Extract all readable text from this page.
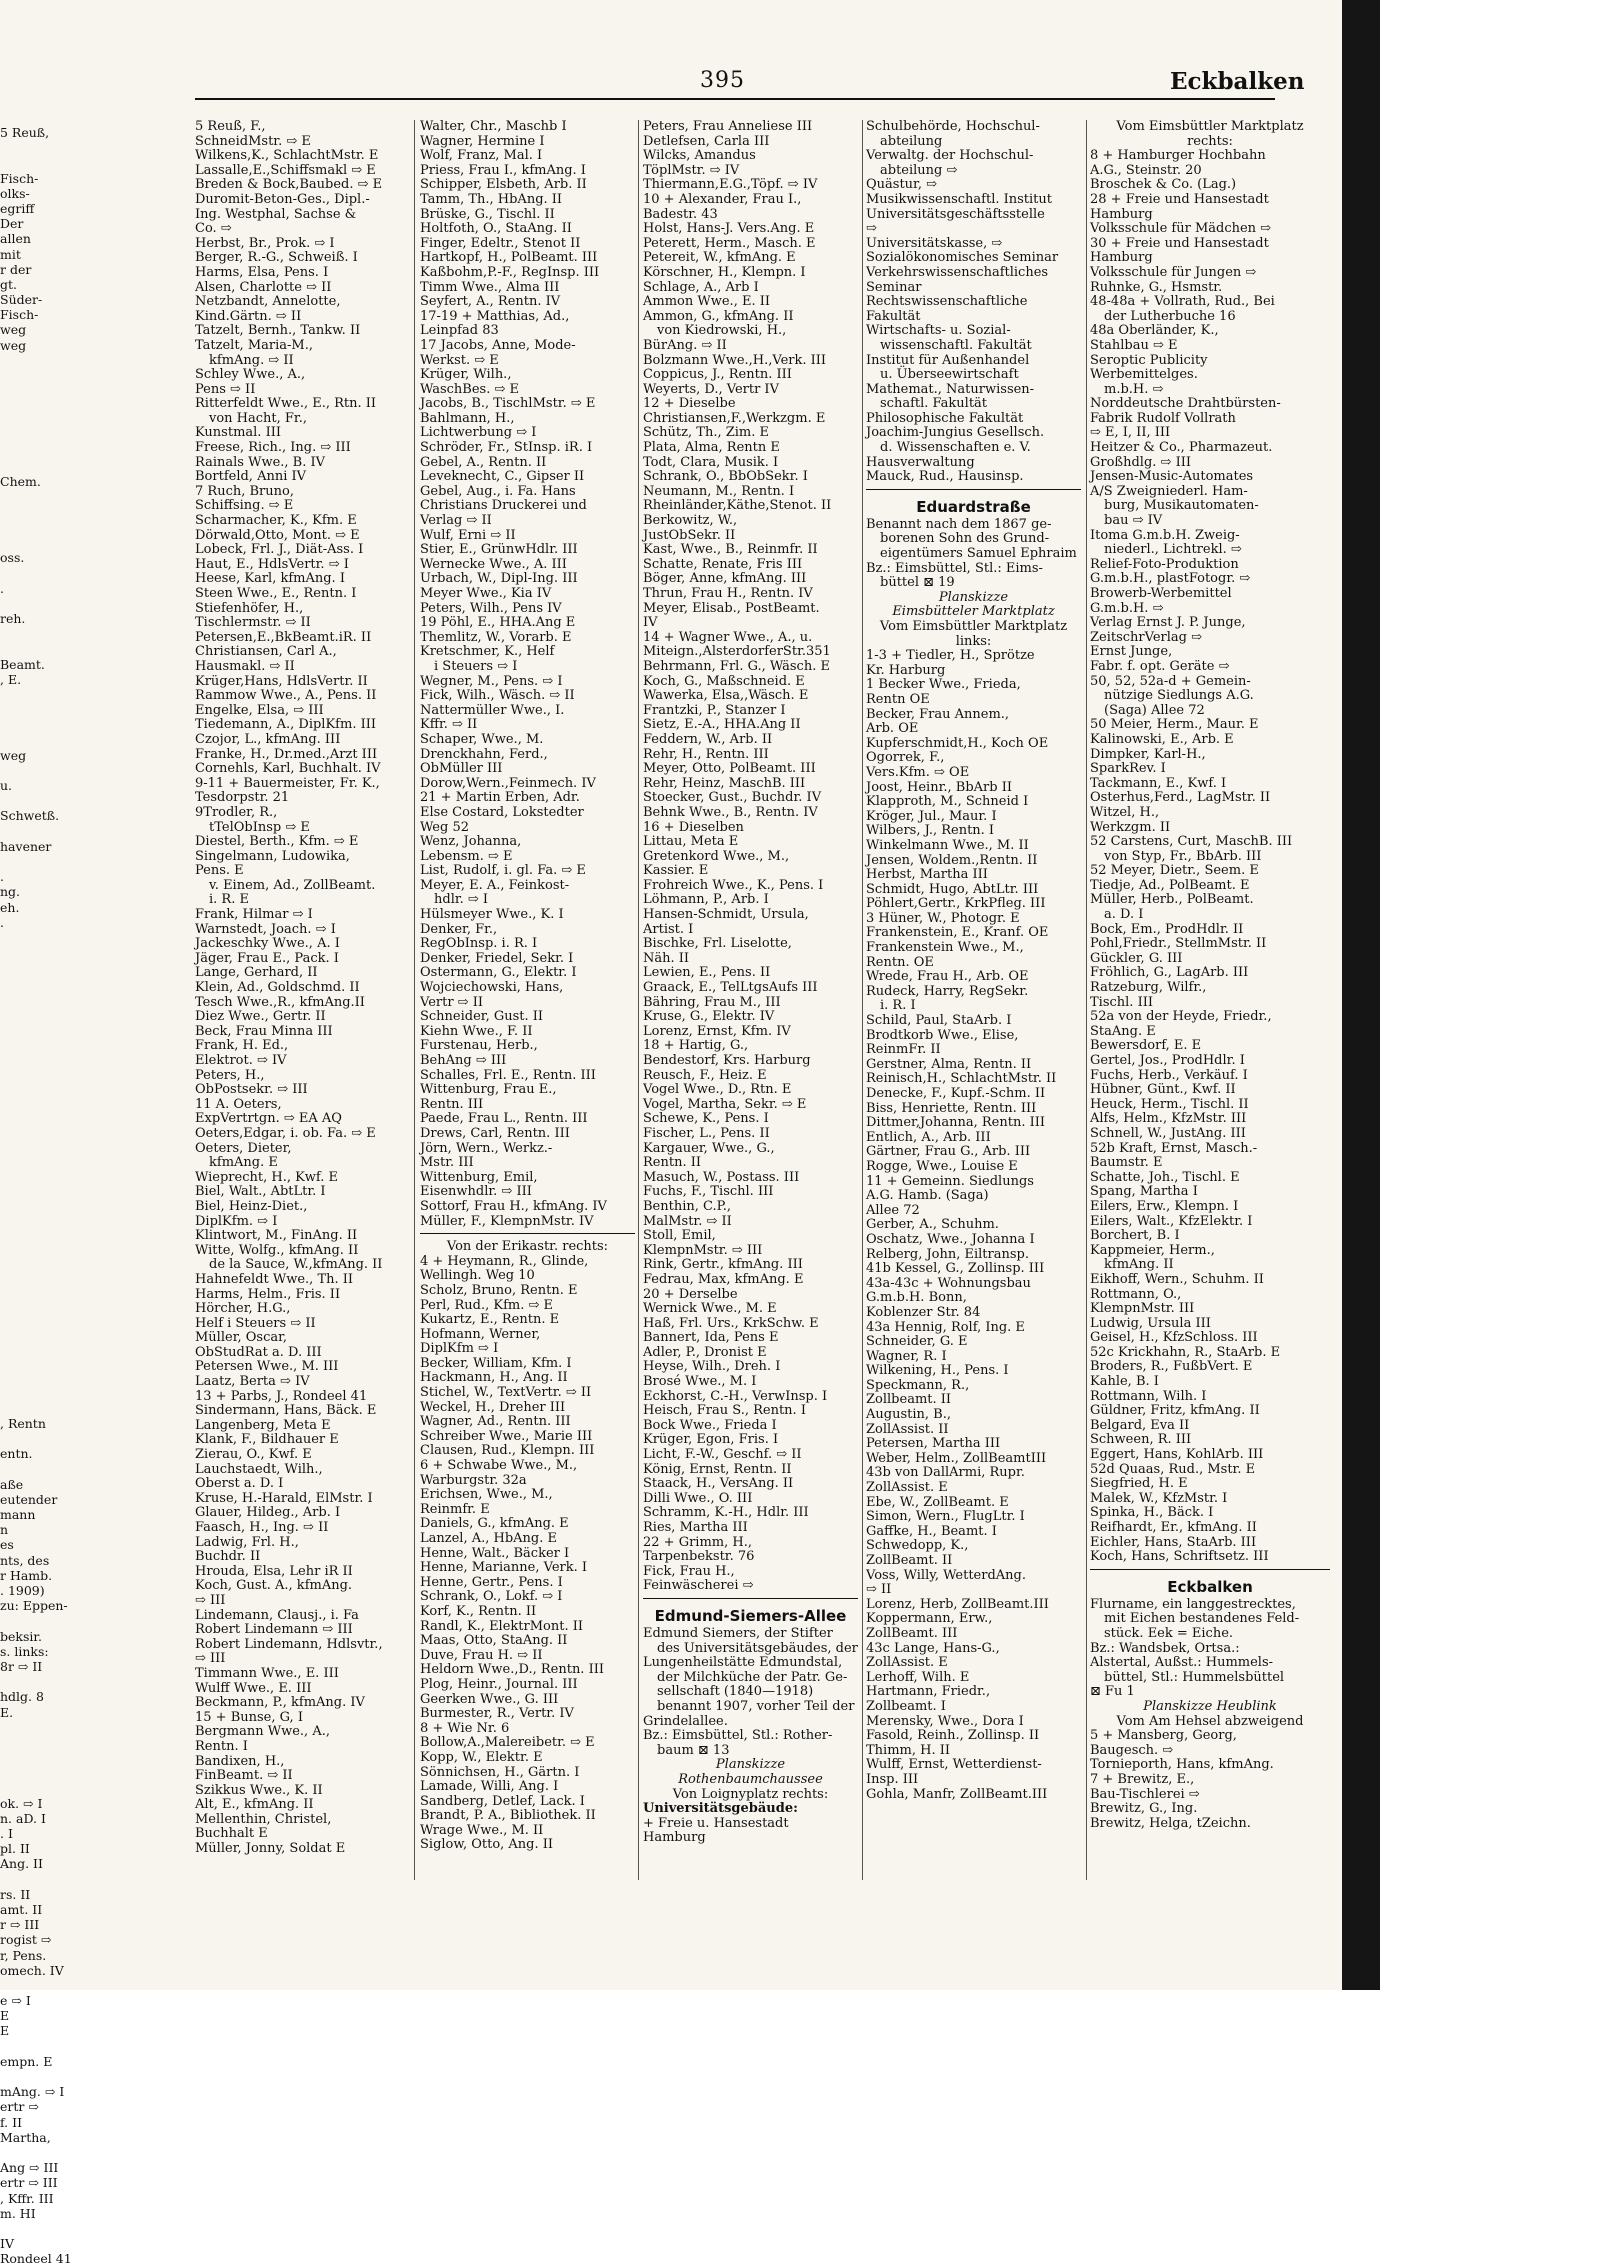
5 Reuß,
Fisch-
olks-
egriff
Der
allen
mit
r der
gt.
Süder-
Fisch-
weg
weg
Chem.
oss.
.
reh.
Beamt.
, E.
weg
u.
Schwetß.
havener
.
ng.
eh.
.
, Rentn
entn.
aße
eutender
mann
n
es
nts, des
r Hamb.
. 1909)
zu: Eppen-
beksir.
s. links:
8r ⇨ II
hdlg. 8
E.
ok. ⇨ I
n. aD. I
. I
pl. II
Ang. II
rs. II
amt. II
r ⇨ III
rogist ⇨
r, Pens.
omech. IV
e ⇨ I
E
E
empn. E
mAng. ⇨ I
ertr ⇨
f. II
Martha,
Ang ⇨ III
ertr ⇨ III
, Kffr. III
m. HI
IV
Rondeel 41
395	Eckbalken
5 Reuß, F.,
SchneidMstr. ⇨ E
Wilkens,K., SchlachtMstr. E
Lassalle,E.,Schiffsmakl ⇨ E
Breden & Bock,Baubed. ⇨ E
Duromit-Beton-Ges., Dipl.-
Ing. Westphal, Sachse &
Co. ⇨
Herbst, Br., Prok. ⇨ I
Berger, R.-G., Schweiß. I
Harms, Elsa, Pens. I
Alsen, Charlotte ⇨ II
Netzbandt, Annelotte,
Kind.Gärtn. ⇨ II
Tatzelt, Bernh., Tankw. II
Tatzelt, Maria-M.,
kfmAng. ⇨ II
Schley Wwe., A.,
Pens ⇨ II
Ritterfeldt Wwe., E., Rtn. II
von Hacht, Fr.,
Kunstmal. III
Freese, Rich., Ing. ⇨ III
Rainals Wwe., B. IV
Bortfeld, Anni IV
7 Ruch, Bruno,
Schiffsing. ⇨ E
Scharmacher, K., Kfm. E
Dörwald,Otto, Mont. ⇨ E
Lobeck, Frl. J., Diät-Ass. I
Haut, E., HdlsVertr. ⇨ I
Heese, Karl, kfmAng. I
Steen Wwe., E., Rentn. I
Stiefenhöfer, H.,
Tischlermstr. ⇨ II
Petersen,E.,BkBeamt.iR. II
Christiansen, Carl A.,
Hausmakl. ⇨ II
Krüger,Hans, HdlsVertr. II
Rammow Wwe., A., Pens. II
Engelke, Elsa, ⇨ III
Tiedemann, A., DiplKfm. III
Czojor, L., kfmAng. III
Franke, H., Dr.med.,Arzt III
Cornehls, Karl, Buchhalt. IV
9-11 + Bauermeister, Fr. K.,
Tesdorpstr. 21
9Trodler, R.,
tTelObInsp ⇨ E
Diestel, Berth., Kfm. ⇨ E
Singelmann, Ludowika,
Pens. E
v. Einem, Ad., ZollBeamt.
i. R. E
Frank, Hilmar ⇨ I
Warnstedt, Joach. ⇨ I
Jackeschky Wwe., A. I
Jäger, Frau E., Pack. I
Lange, Gerhard, II
Klein, Ad., Goldschmd. II
Tesch Wwe.,R., kfmAng.II
Diez Wwe., Gertr. II
Beck, Frau Minna III
Frank, H. Ed.,
Elektrot. ⇨ IV
Peters, H.,
ObPostsekr. ⇨ III
11 A. Oeters,
ExpVertrtgn. ⇨ EA AQ
Oeters,Edgar, i. ob. Fa. ⇨ E
Oeters, Dieter,
kfmAng. E
Wieprecht, H., Kwf. E
Biel, Walt., AbtLtr. I
Biel, Heinz-Diet.,
DiplKfm. ⇨ I
Klintwort, M., FinAng. II
Witte, Wolfg., kfmAng. II
de la Sauce, W.,kfmAng. II
Hahnefeldt Wwe., Th. II
Harms, Helm., Fris. II
Hörcher, H.G.,
Helf i Steuers ⇨ II
Müller, Oscar,
ObStudRat a. D. III
Petersen Wwe., M. III
Laatz, Berta ⇨ IV
13 + Parbs, J., Rondeel 41
Sindermann, Hans, Bäck. E
Langenberg, Meta E
Klank, F., Bildhauer E
Zierau, O., Kwf. E
Lauchstaedt, Wilh.,
Oberst a. D. I
Kruse, H.-Harald, ElMstr. I
Glauer, Hildeg., Arb. I
Faasch, H., Ing. ⇨ II
Ladwig, Frl. H.,
Buchdr. II
Hrouda, Elsa, Lehr iR II
Koch, Gust. A., kfmAng.
⇨ III
Lindemann, Clausj., i. Fa
Robert Lindemann ⇨ III
Robert Lindemann, Hdlsvtr.,
⇨ III
Timmann Wwe., E. III
Wulff Wwe., E. III
Beckmann, P., kfmAng. IV
15 + Bunse, G, I
Bergmann Wwe., A.,
Rentn. I
Bandixen, H.,
FinBeamt. ⇨ II
Szikkus Wwe., K. II
Alt, E., kfmAng. II
Mellenthin, Christel,
Buchhalt E
Müller, Jonny, Soldat E
Walter, Chr., Maschb I
Wagner, Hermine I
Wolf, Franz, Mal. I
Priess, Frau I., kfmAng. I
Schipper, Elsbeth, Arb. II
Tamm, Th., HbAng. II
Brüske, G., Tischl. II
Holtfoth, O., StaAng. II
Finger, Edeltr., Stenot II
Hartkopf, H., PolBeamt. III
Kaßbohm,P.-F., RegInsp. III
Timm Wwe., Alma III
Seyfert, A., Rentn. IV
17-19 + Matthias, Ad.,
Leinpfad 83
17 Jacobs, Anne, Mode-
Werkst. ⇨ E
Krüger, Wilh.,
WaschBes. ⇨ E
Jacobs, B., TischlMstr. ⇨ E
Bahlmann, H.,
Lichtwerbung ⇨ I
Schröder, Fr., StInsp. iR. I
Gebel, A., Rentn. II
Leveknecht, C., Gipser II
Gebel, Aug., i. Fa. Hans
Christians Druckerei und
Verlag ⇨ II
Wulf, Erni ⇨ II
Stier, E., GrünwHdlr. III
Wernecke Wwe., A. III
Urbach, W., Dipl-Ing. III
Meyer Wwe., Kia IV
Peters, Wilh., Pens IV
19 Pöhl, E., HHA.Ang E
Themlitz, W., Vorarb. E
Kretschmer, K., Helf
i Steuers ⇨ I
Wegner, M., Pens. ⇨ I
Fick, Wilh., Wäsch. ⇨ II
Nattermüller Wwe., I.
Kffr. ⇨ II
Schaper, Wwe., M.
Drenckhahn, Ferd.,
ObMüller III
Dorow,Wern.,Feinmech. IV
21 + Martin Erben, Adr.
Else Costard, Lokstedter
Weg 52
Wenz, Johanna,
Lebensm. ⇨ E
List, Rudolf, i. gl. Fa. ⇨ E
Meyer, E. A., Feinkost-
hdlr. ⇨ I
Hülsmeyer Wwe., K. I
Denker, Fr.,
RegObInsp. i. R. I
Denker, Friedel, Sekr. I
Ostermann, G., Elektr. I
Wojciechowski, Hans,
Vertr ⇨ II
Schneider, Gust. II
Kiehn Wwe., F. II
Furstenau, Herb.,
BehAng ⇨ III
Schalles, Frl. E., Rentn. III
Wittenburg, Frau E.,
Rentn. III
Paede, Frau L., Rentn. III
Drews, Carl, Rentn. III
Jörn, Wern., Werkz.-
Mstr. III
Wittenburg, Emil,
Eisenwhdlr. ⇨ III
Sottorf, Frau H., kfmAng. IV
Müller, F., KlempnMstr. IV
Von der Erikastr. rechts:
4 + Heymann, R., Glinde,
Wellingh. Weg 10
Scholz, Bruno, Rentn. E
Perl, Rud., Kfm. ⇨ E
Kukartz, E., Rentn. E
Hofmann, Werner,
DiplKfm ⇨ I
Becker, William, Kfm. I
Hackmann, H., Ang. II
Stichel, W., TextVertr. ⇨ II
Weckel, H., Dreher III
Wagner, Ad., Rentn. III
Schreiber Wwe., Marie III
Clausen, Rud., Klempn. III
6 + Schwabe Wwe., M.,
Warburgstr. 32a
Erichsen, Wwe., M.,
Reinmfr. E
Daniels, G., kfmAng. E
Lanzel, A., HbAng. E
Henne, Walt., Bäcker I
Henne, Marianne, Verk. I
Henne, Gertr., Pens. I
Schrank, O., Lokf. ⇨ I
Korf, K., Rentn. II
Randl, K., ElektrMont. II
Maas, Otto, StaAng. II
Duve, Frau H. ⇨ II
Heldorn Wwe.,D., Rentn. III
Plog, Heinr., Journal. III
Geerken Wwe., G. III
Burmester, R., Vertr. IV
8 + Wie Nr. 6
Bollow,A.,Malereibetr. ⇨ E
Kopp, W., Elektr. E
Sönnichsen, H., Gärtn. I
Lamade, Willi, Ang. I
Sandberg, Detlef, Lack. I
Brandt, P. A., Bibliothek. II
Wrage Wwe., M. II
Siglow, Otto, Ang. II
Peters, Frau Anneliese III
Detlefsen, Carla III
Wilcks, Amandus
TöplMstr. ⇨ IV
Thiermann,E.G.,Töpf. ⇨ IV
10 + Alexander, Frau I.,
Badestr. 43
Holst, Hans-J. Vers.Ang. E
Peterett, Herm., Masch. E
Petereit, W., kfmAng. E
Körschner, H., Klempn. I
Schlage, A., Arb I
Ammon Wwe., E. II
Ammon, G., kfmAng. II
von Kiedrowski, H.,
BürAng. ⇨ II
Bolzmann Wwe.,H.,Verk. III
Coppicus, J., Rentn. III
Weyerts, D., Vertr IV
12 + Dieselbe
Christiansen,F.,Werkzgm. E
Schütz, Th., Zim. E
Plata, Alma, Rentn E
Todt, Clara, Musik. I
Schrank, O., BbObSekr. I
Neumann, M., Rentn. I
Rheinländer,Käthe,Stenot. II
Berkowitz, W.,
JustObSekr. II
Kast, Wwe., B., Reinmfr. II
Schatte, Renate, Fris III
Böger, Anne, kfmAng. III
Thrun, Frau H., Rentn. IV
Meyer, Elisab., PostBeamt.
IV
14 + Wagner Wwe., A., u.
Miteign.,AlsterdorferStr.351
Behrmann, Frl. G., Wäsch. E
Koch, G., Maßschneid. E
Wawerka, Elsa,,Wäsch. E
Frantzki, P., Stanzer I
Sietz, E.-A., HHA.Ang II
Feddern, W., Arb. II
Rehr, H., Rentn. III
Meyer, Otto, PolBeamt. III
Rehr, Heinz, MaschB. III
Stoecker, Gust., Buchdr. IV
Behnk Wwe., B., Rentn. IV
16 + Dieselben
Littau, Meta E
Gretenkord Wwe., M.,
Kassier. E
Frohreich Wwe., K., Pens. I
Löhmann, P., Arb. I
Hansen-Schmidt, Ursula,
Artist. I
Bischke, Frl. Liselotte,
Näh. II
Lewien, E., Pens. II
Graack, E., TelLtgsAufs III
Bähring, Frau M., III
Kruse, G., Elektr. IV
Lorenz, Ernst, Kfm. IV
18 + Hartig, G.,
Bendestorf, Krs. Harburg
Reusch, F., Heiz. E
Vogel Wwe., D., Rtn. E
Vogel, Martha, Sekr. ⇨ E
Schewe, K., Pens. I
Fischer, L., Pens. II
Kargauer, Wwe., G.,
Rentn. II
Masuch, W., Postass. III
Fuchs, F., Tischl. III
Benthin, C.P.,
MalMstr. ⇨ II
Stoll, Emil,
KlempnMstr. ⇨ III
Rink, Gertr., kfmAng. III
Fedrau, Max, kfmAng. E
20 + Derselbe
Wernick Wwe., M. E
Haß, Frl. Urs., KrkSchw. E
Bannert, Ida, Pens E
Adler, P., Dronist E
Heyse, Wilh., Dreh. I
Brosé Wwe., M. I
Eckhorst, C.-H., VerwInsp. I
Heisch, Frau S., Rentn. I
Bock Wwe., Frieda I
Krüger, Egon, Fris. I
Licht, F.-W., Geschf. ⇨ II
König, Ernst, Rentn. II
Staack, H., VersAng. II
Dilli Wwe., O. III
Schramm, K.-H., Hdlr. III
Ries, Martha III
22 + Grimm, H.,
Tarpenbekstr. 76
Fick, Frau H.,
Feinwäscherei ⇨
Edmund-Siemers-Allee
Edmund Siemers, der Stifter
des Universitätsgebäudes, der
Lungenheilstätte Edmundstal,
der Milchküche der Patr. Ge-
sellschaft (1840—1918)
benannt 1907, vorher Teil der
Grindelallee.
Bz.: Eimsbüttel, Stl.: Rother-
baum ⊠ 13
Planskizze
Rothenbaumchaussee
Von Loignyplatz rechts:
Universitätsgebäude:
+ Freie u. Hansestadt
Hamburg
Schulbehörde, Hochschul-
abteilung
Verwaltg. der Hochschul-
abteilung ⇨
Quästur, ⇨
Musikwissenschaftl. Institut
Universitätsgeschäftsstelle
⇨
Universitätskasse, ⇨
Sozialökonomisches Seminar
Verkehrswissenschaftliches
Seminar
Rechtswissenschaftliche
Fakultät
Wirtschafts- u. Sozial-
wissenschaftl. Fakultät
Institut für Außenhandel
u. Überseewirtschaft
Mathemat., Naturwissen-
schaftl. Fakultät
Philosophische Fakultät
Joachim-Jungius Gesellsch.
d. Wissenschaften e. V.
Hausverwaltung
Mauck, Rud., Hausinsp.
Eduardstraße
Benannt nach dem 1867 ge-
borenen Sohn des Grund-
eigentümers Samuel Ephraim
Bz.: Eimsbüttel, Stl.: Eims-
büttel ⊠ 19
Planskizze
Eimsbütteler Marktplatz
Vom Eimsbüttler Marktplatz
links:
1-3 + Tiedler, H., Sprötze
Kr. Harburg
1 Becker Wwe., Frieda,
Rentn OE
Becker, Frau Annem.,
Arb. OE
Kupferschmidt,H., Koch OE
Ogorrek, F.,
Vers.Kfm. ⇨ OE
Joost, Heinr., BbArb II
Klapproth, M., Schneid I
Kröger, Jul., Maur. I
Wilbers, J., Rentn. I
Winkelmann Wwe., M. II
Jensen, Woldem.,Rentn. II
Herbst, Martha III
Schmidt, Hugo, AbtLtr. III
Pöhlert,Gertr., KrkPfleg. III
3 Hüner, W., Photogr. E
Frankenstein, E., Kranf. OE
Frankenstein Wwe., M.,
Rentn. OE
Wrede, Frau H., Arb. OE
Rudeck, Harry, RegSekr.
i. R. I
Schild, Paul, StaArb. I
Brodtkorb Wwe., Elise,
ReinmFr. II
Gerstner, Alma, Rentn. II
Reinisch,H., SchlachtMstr. II
Denecke, F., Kupf.-Schm. II
Biss, Henriette, Rentn. III
Dittmer,Johanna, Rentn. III
Entlich, A., Arb. III
Gärtner, Frau G., Arb. III
Rogge, Wwe., Louise E
11 + Gemeinn. Siedlungs
A.G. Hamb. (Saga)
Allee 72
Gerber, A., Schuhm.
Oschatz, Wwe., Johanna I
Relberg, John, Eiltransp.
41b Kessel, G., Zollinsp. III
43a-43c + Wohnungsbau
G.m.b.H. Bonn,
Koblenzer Str. 84
43a Hennig, Rolf, Ing. E
Schneider, G. E
Wagner, R. I
Wilkening, H., Pens. I
Speckmann, R.,
Zollbeamt. II
Augustin, B.,
ZollAssist. II
Petersen, Martha III
Weber, Helm., ZollBeamtIII
43b von DallArmi, Rupr.
ZollAssist. E
Ebe, W., ZollBeamt. E
Simon, Wern., FlugLtr. I
Gaffke, H., Beamt. I
Schwedopp, K.,
ZollBeamt. II
Voss, Willy, WetterdAng.
⇨ II
Lorenz, Herb, ZollBeamt.III
Koppermann, Erw.,
ZollBeamt. III
43c Lange, Hans-G.,
ZollAssist. E
Lerhoff, Wilh. E
Hartmann, Friedr.,
Zollbeamt. I
Merensky, Wwe., Dora I
Fasold, Reinh., Zollinsp. II
Thimm, H. II
Wulff, Ernst, Wetterdienst-
Insp. III
Gohla, Manfr, ZollBeamt.III
Vom Eimsbüttler Marktplatz
rechts:
8 + Hamburger Hochbahn
A.G., Steinstr. 20
Broschek & Co. (Lag.)
28 + Freie und Hansestadt
Hamburg
Volksschule für Mädchen ⇨
30 + Freie und Hansestadt
Hamburg
Volksschule für Jungen ⇨
Ruhnke, G., Hsmstr.
48-48a + Vollrath, Rud., Bei
der Lutherbuche 16
48a Oberländer, K.,
Stahlbau ⇨ E
Seroptic Publicity
Werbemittelges.
m.b.H. ⇨
Norddeutsche Drahtbürsten-
Fabrik Rudolf Vollrath
⇨ E, I, II, III
Heitzer & Co., Pharmazeut.
Großhdlg. ⇨ III
Jensen-Music-Automates
A/S Zweigniederl. Ham-
burg, Musikautomaten-
bau ⇨ IV
Itoma G.m.b.H. Zweig-
niederl., Lichtrekl. ⇨
Relief-Foto-Produktion
G.m.b.H., plastFotogr. ⇨
Browerb-Werbemittel
G.m.b.H. ⇨
Verlag Ernst J. P. Junge,
ZeitschrVerlag ⇨
Ernst Junge,
Fabr. f. opt. Geräte ⇨
50, 52, 52a-d + Gemein-
nützige Siedlungs A.G.
(Saga) Allee 72
50 Meier, Herm., Maur. E
Kalinowski, E., Arb. E
Dimpker, Karl-H.,
SparkRev. I
Tackmann, E., Kwf. I
Osterhus,Ferd., LagMstr. II
Witzel, H.,
Werkzgm. II
52 Carstens, Curt, MaschB. III
von Styp, Fr., BbArb. III
52 Meyer, Dietr., Seem. E
Tiedje, Ad., PolBeamt. E
Müller, Herb., PolBeamt.
a. D. I
Bock, Em., ProdHdlr. II
Pohl,Friedr., StellmMstr. II
Gückler, G. III
Fröhlich, G., LagArb. III
Ratzeburg, Wilfr.,
Tischl. III
52a von der Heyde, Friedr.,
StaAng. E
Bewersdorf, E. E
Gertel, Jos., ProdHdlr. I
Fuchs, Herb., Verkäuf. I
Hübner, Günt., Kwf. II
Heuck, Herm., Tischl. II
Alfs, Helm., KfzMstr. III
Schnell, W., JustAng. III
52b Kraft, Ernst, Masch.-
Baumstr. E
Schatte, Joh., Tischl. E
Spang, Martha I
Eilers, Erw., Klempn. I
Eilers, Walt., KfzElektr. I
Borchert, B. I
Kappmeier, Herm.,
kfmAng. II
Eikhoff, Wern., Schuhm. II
Rottmann, O.,
KlempnMstr. III
Ludwig, Ursula III
Geisel, H., KfzSchloss. III
52c Krickhahn, R., StaArb. E
Broders, R., FußbVert. E
Kahle, B. I
Rottmann, Wilh. I
Güldner, Fritz, kfmAng. II
Belgard, Eva II
Schween, R. III
Eggert, Hans, KohlArb. III
52d Quaas, Rud., Mstr. E
Siegfried, H. E
Malek, W., KfzMstr. I
Spinka, H., Bäck. I
Reifhardt, Er., kfmAng. II
Eichler, Hans, StaArb. III
Koch, Hans, Schriftsetz. III
Eckbalken
Flurname, ein langgestrecktes,
mit Eichen bestandenes Feld-
stück. Eek = Eiche.
Bz.: Wandsbek, Ortsa.:
Alstertal, Außst.: Hummels-
büttel, Stl.: Hummelsbüttel
⊠ Fu 1
Planskizze Heublink
Vom Am Hehsel abzweigend
5 + Mansberg, Georg,
Baugesch. ⇨
Tornieporth, Hans, kfmAng.
7 + Brewitz, E.,
Bau-Tischlerei ⇨
Brewitz, G., Ing.
Brewitz, Helga, tZeichn.
